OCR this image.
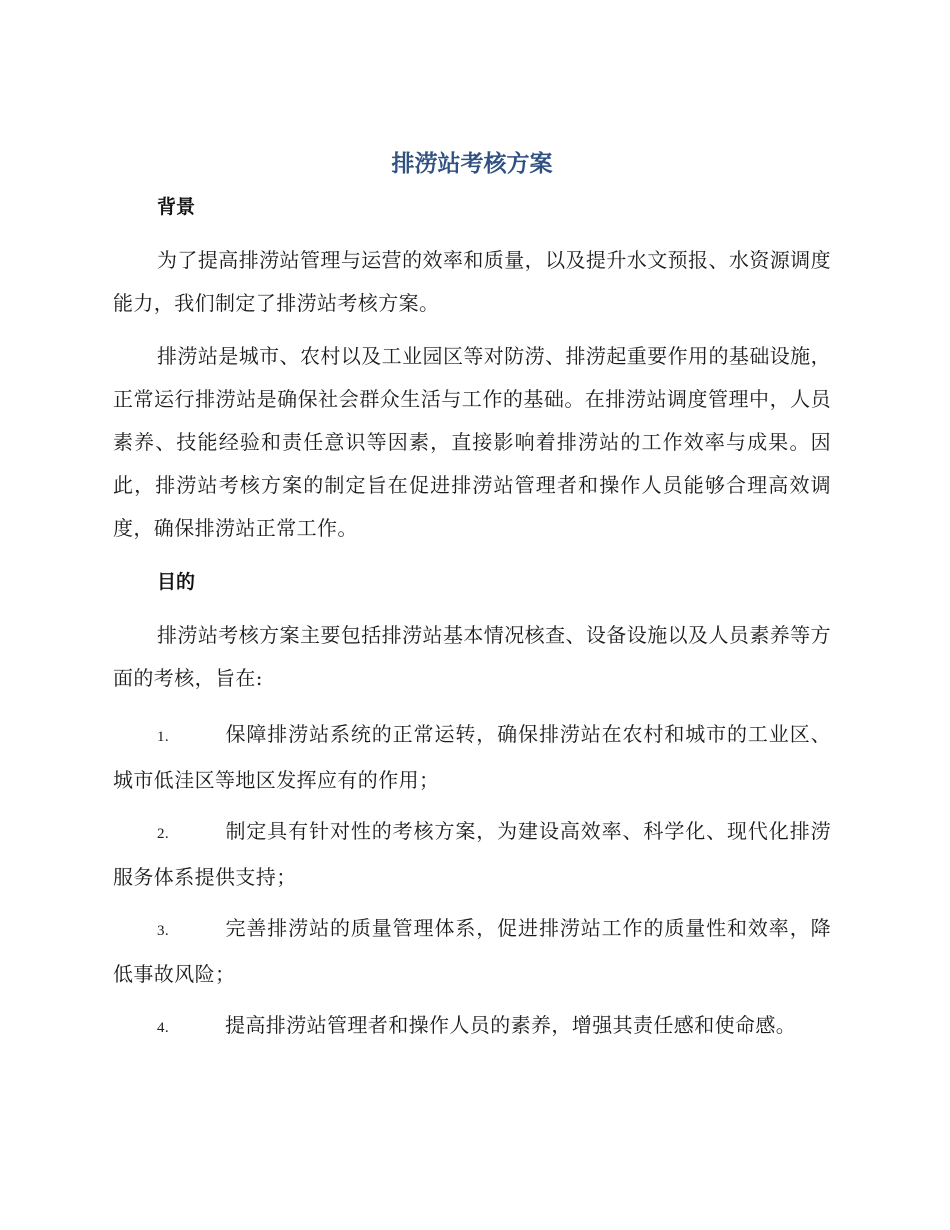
排涝站考核方案
背景

为了提高排涝站管理与运营的效率和质量，以及提升水文预报、水资源调度能力，我们制定了排涝站考核方案。

排涝站是城市、农村以及工业园区等对防涝、排涝起重要作用的基础设施，正常运行排涝站是确保社会群众生活与工作的基础。在排涝站调度管理中，人员素养、技能经验和责任意识等因素，直接影响着排涝站的工作效率与成果。因此，排涝站考核方案的制定旨在促进排涝站管理者和操作人员能够合理高效调度，确保排涝站正常工作。

目的

排涝站考核方案主要包括排涝站基本情况核查、设备设施以及人员素养等方面的考核，旨在:

1.	保障排涝站系统的正常运转，确保排涝站在农村和城市的工业区、城市低洼区等地区发挥应有的作用；

2.	制定具有针对性的考核方案，为建设高效率、科学化、现代化排涝服务体系提供支持；

3.	完善排涝站的质量管理体系，促进排涝站工作的质量性和效率，降低事故风险；

4.	提高排涝站管理者和操作人员的素养，增强其责任感和使命感。
